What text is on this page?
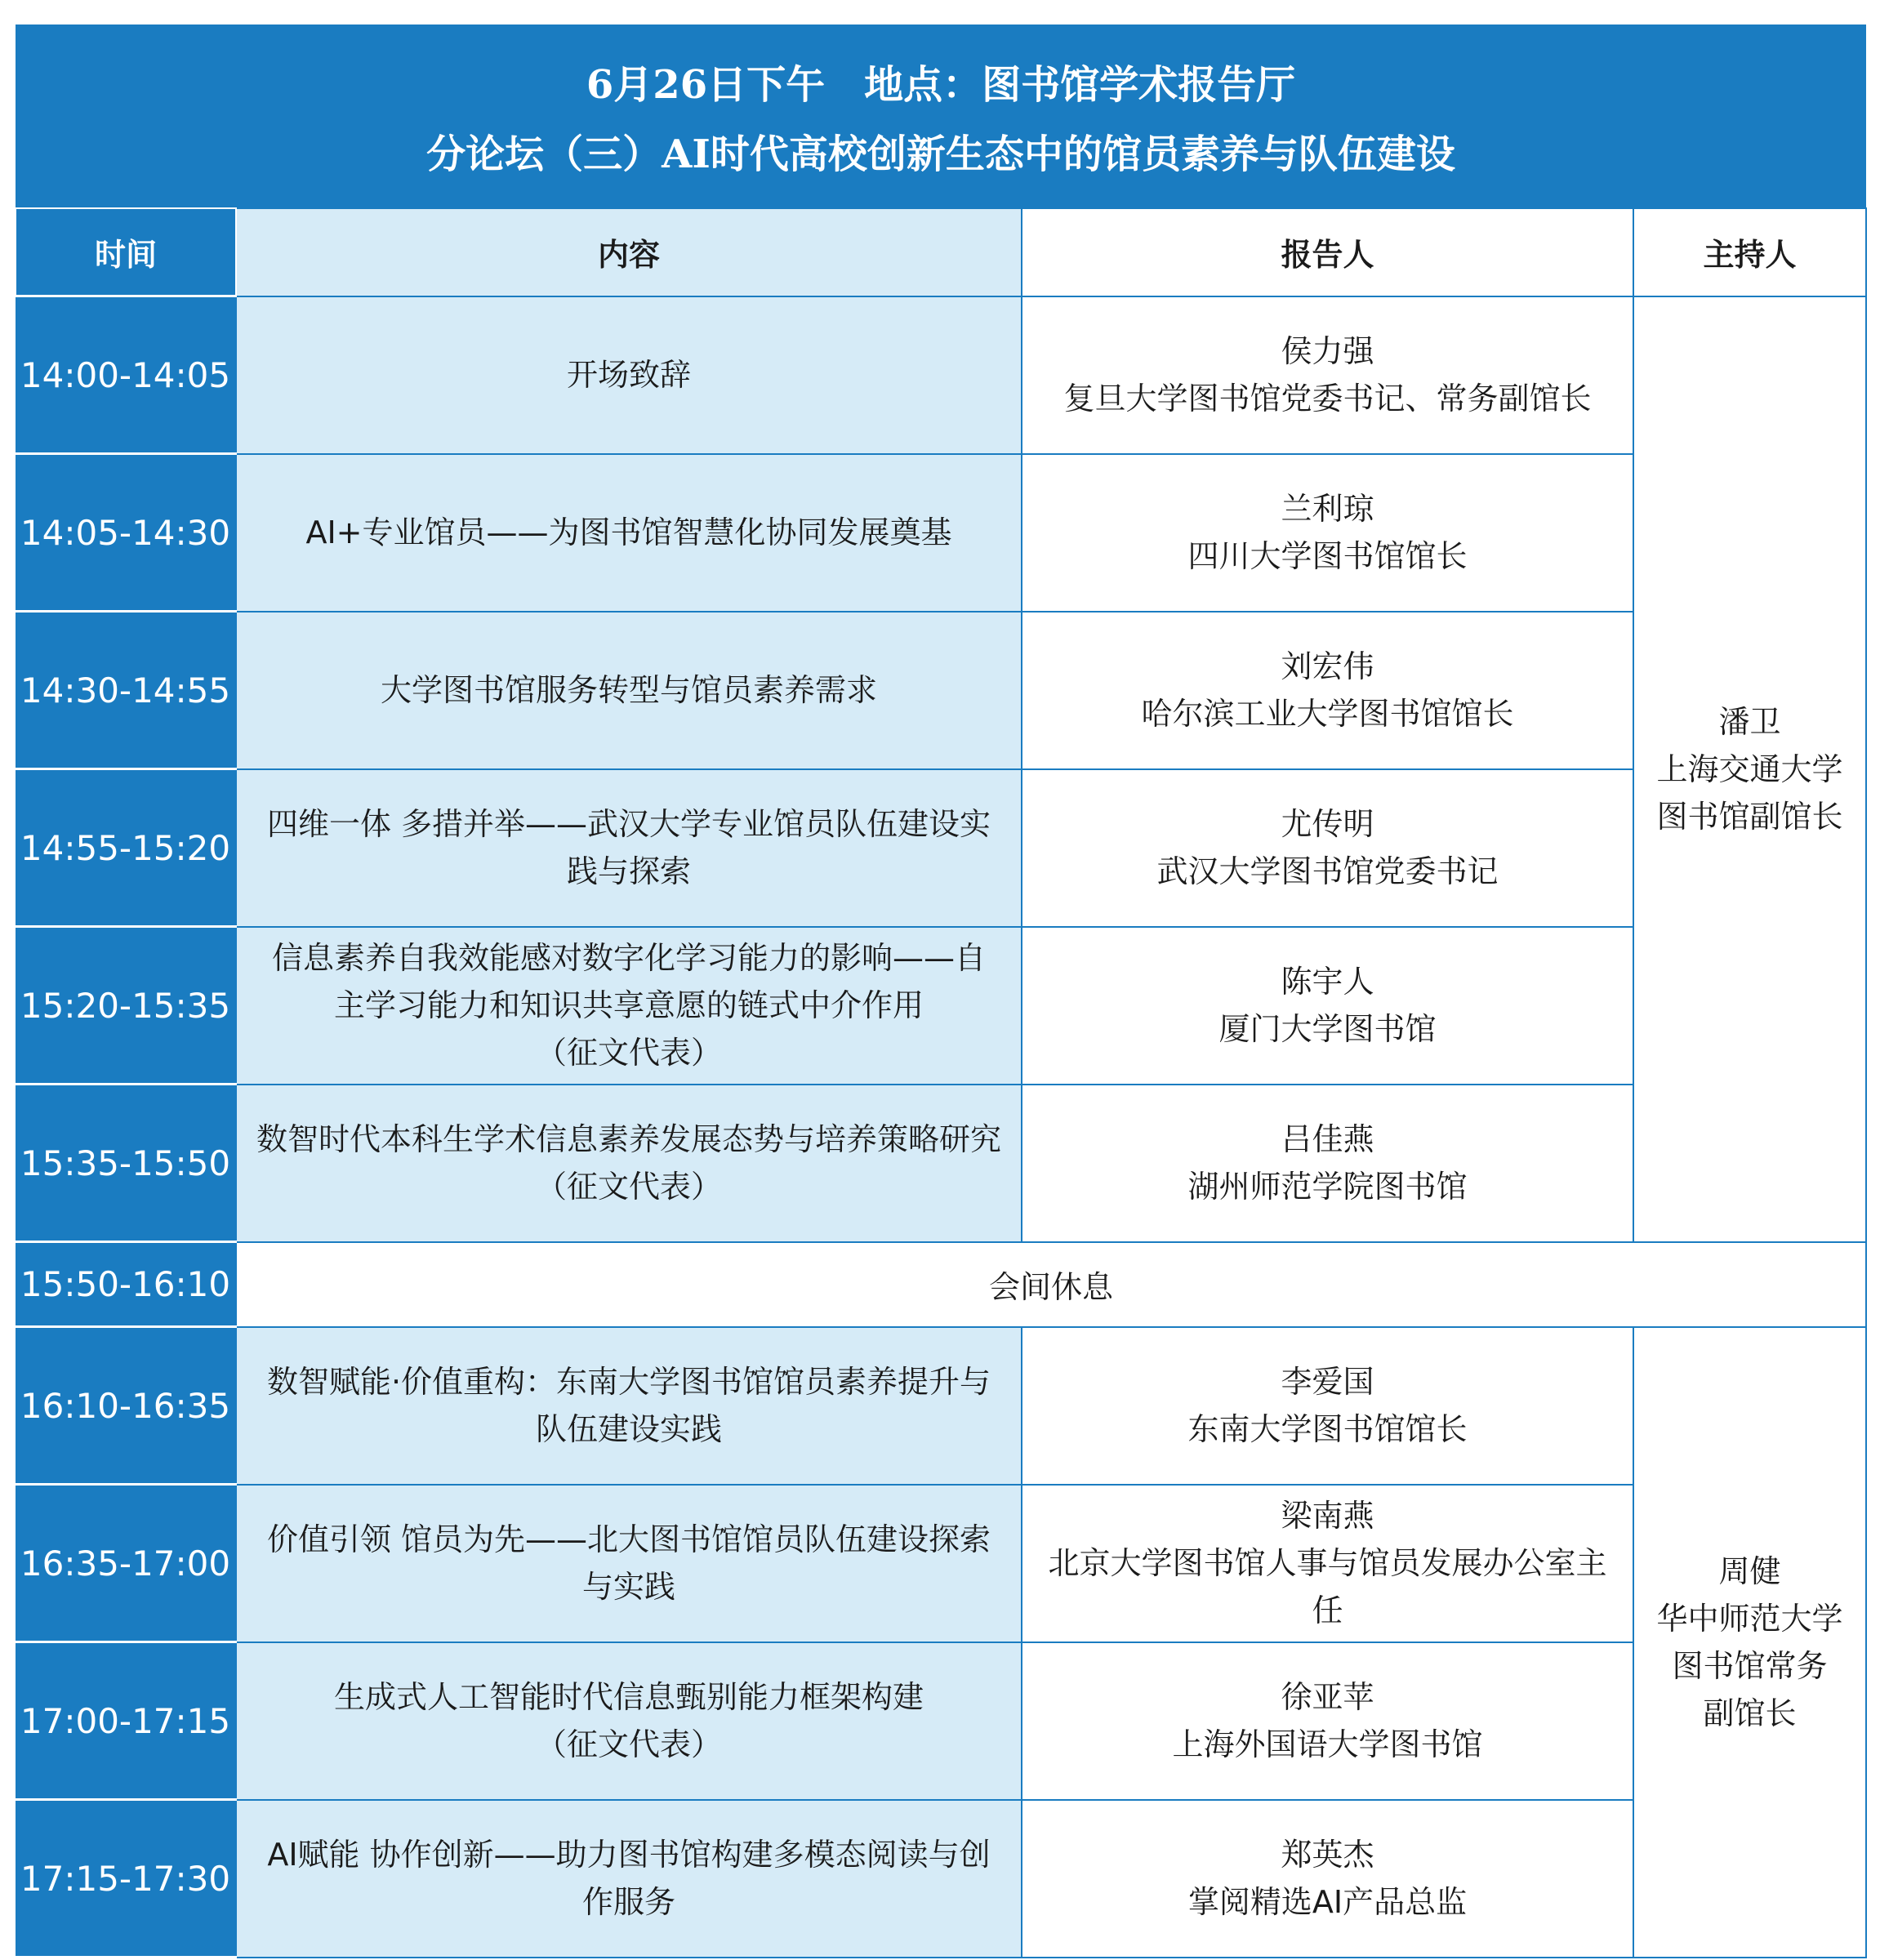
6月26日下午　地点：图书馆学术报告厅			

分论坛（三）AI时代高校创新生态中的馆员素养与队伍建设			

时间	内容	报告人	主持人
14:00-14:05	开场致辞	侯力强
复旦大学图书馆党委书记、常务副馆长	潘卫
上海交通大学
图书馆副馆长

14:05-14:30	AI+专业馆员——为图书馆智慧化协同发展奠基	兰利琼
四川大学图书馆馆长	

14:30-14:55	大学图书馆服务转型与馆员素养需求	刘宏伟
哈尔滨工业大学图书馆馆长	

14:55-15:20	四维一体 多措并举——武汉大学专业馆员队伍建设实
践与探索	尤传明
武汉大学图书馆党委书记	

15:20-15:35	信息素养自我效能感对数字化学习能力的影响——自
主学习能力和知识共享意愿的链式中介作用
（征文代表）	陈宇人
厦门大学图书馆	

15:35-15:50	数智时代本科生学术信息素养发展态势与培养策略研究
（征文代表）	吕佳燕
湖州师范学院图书馆	

15:50-16:10	会间休息		
16:10-16:35	数智赋能·价值重构：东南大学图书馆馆员素养提升与
队伍建设实践	李爱国
东南大学图书馆馆长	周健
华中师范大学
图书馆常务
副馆长

16:35-17:00	价值引领 馆员为先——北大图书馆馆员队伍建设探索
与实践	梁南燕
北京大学图书馆人事与馆员发展办公室主
任	

17:00-17:15	生成式人工智能时代信息甄别能力框架构建
（征文代表）	徐亚苹
上海外国语大学图书馆	

17:15-17:30	AI赋能 协作创新——助力图书馆构建多模态阅读与创
作服务	郑英杰
掌阅精选AI产品总监	
